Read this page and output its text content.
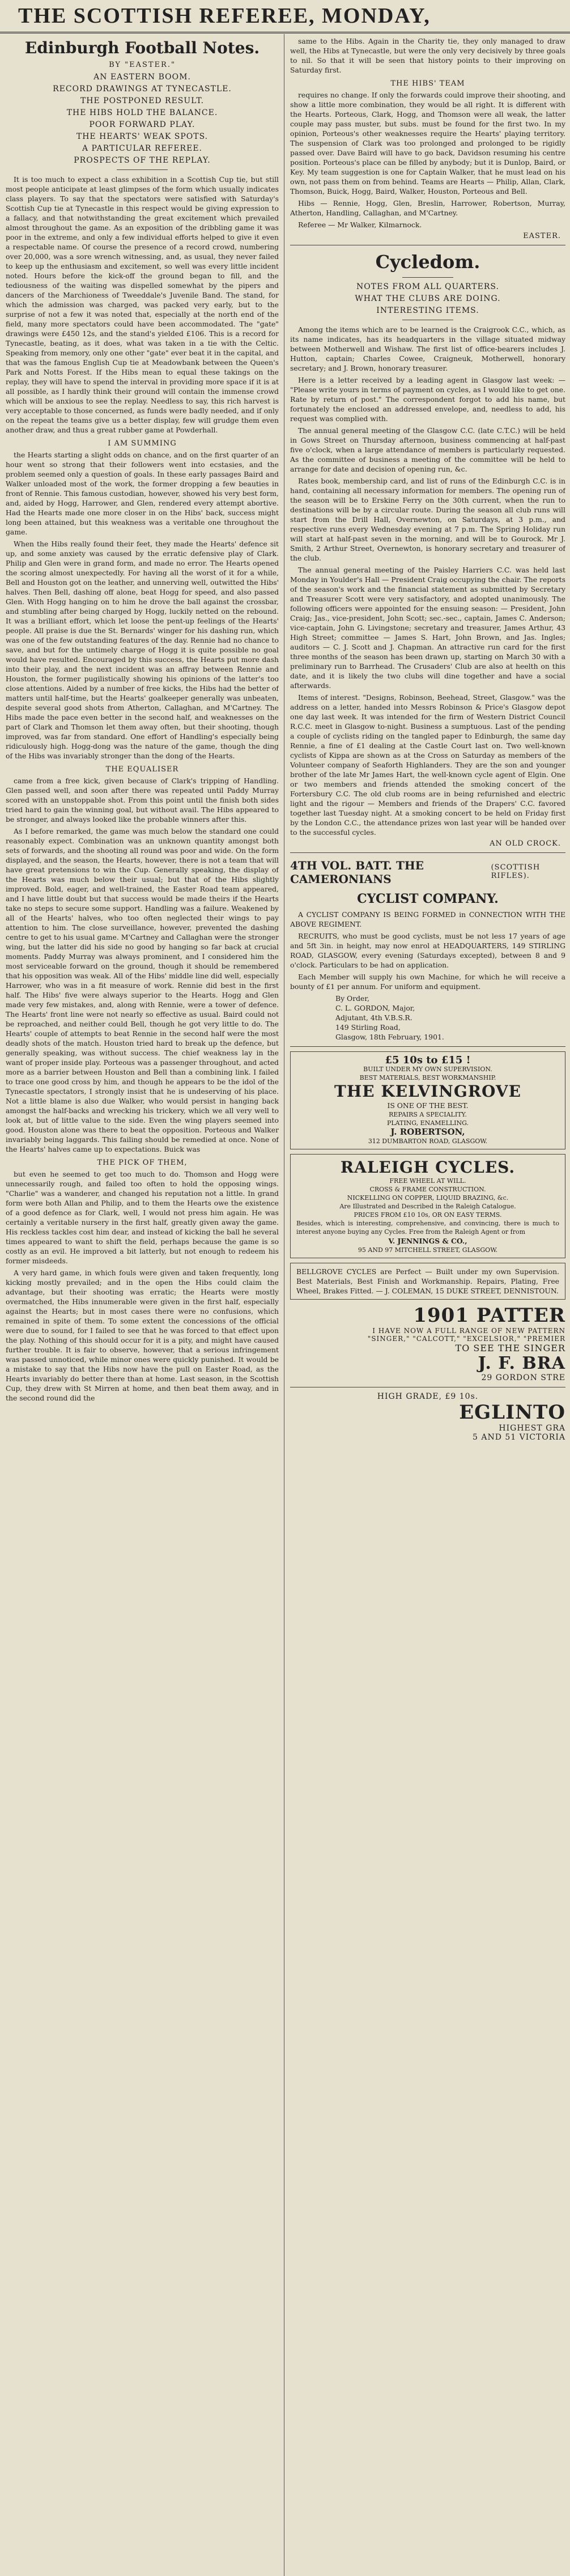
THE SCOTTISH REFEREE, MONDAY,
Edinburgh Football Notes.
BY "EASTER."
AN EASTERN BOOM.
RECORD DRAWINGS AT TYNECASTLE.
THE POSTPONED RESULT.
THE HIBS HOLD THE BALANCE.
POOR FORWARD PLAY.
THE HEARTS' WEAK SPOTS.
A PARTICULAR REFEREE.
PROSPECTS OF THE REPLAY.

It is too much to expect a class exhibition in a Scottish Cup tie, but still most people anticipate at least glimpses of the form which usually indicates class players. To say that the spectators were satisfied with Saturday's Scottish Cup tie at Tynecastle in this respect would be giving expression to a fallacy, and that notwithstanding the great excitement which prevailed almost throughout the game. As an exposition of the dribbling game it was poor in the extreme, and only a few individual efforts helped to give it even a respectable name. Of course the presence of a record crowd, numbering over 20,000, was a sore wrench witnessing, and, as usual, they never failed to keep up the enthusiasm and excitement, so well was every little incident noted. Hours before the kick-off the ground began to fill, and the tediousness of the waiting was dispelled somewhat by the pipers and dancers of the Marchioness of Tweeddale's Juvenile Band. The stand, for which the admission was charged, was packed very early, but to the surprise of not a few it was noted that, especially at the north end of the field, many more spectators could have been accommodated. The "gate" drawings were £450 12s, and the stand's yielded £106. This is a record for Tynecastle, beating, as it does, what was taken in a tie with the Celtic. Speaking from memory, only one other "gate" ever beat it in the capital, and that was the famous English Cup tie at Meadowbank between the Queen's Park and Notts Forest. If the Hibs mean to equal these takings on the replay, they will have to spend the interval in providing more space if it is at all possible, as I hardly think their ground will contain the immense crowd which will be anxious to see the replay. Needless to say, this rich harvest is very acceptable to those concerned, as funds were badly needed, and if only on the repeat the teams give us a better display, few will grudge them even another draw, and thus a great rubber game at Powderhall.

I AM SUMMING

the Hearts starting a slight odds on chance, and on the first quarter of an hour went so strong that their followers went into ecstasies, and the problem seemed only a question of goals. In these early passages Baird and Walker unloaded most of the work, the former dropping a few beauties in front of Rennie. This famous custodian, however, showed his very best form, and, aided by Hogg, Harrower, and Glen, rendered every attempt abortive. Had the Hearts made one more closer in on the Hibs' back, success might long been attained, but this weakness was a veritable one throughout the game.

When the Hibs really found their feet, they made the Hearts' defence sit up, and some anxiety was caused by the erratic defensive play of Clark. Philip and Glen were in grand form, and made no error. The Hearts opened the scoring almost unexpectedly. For having all the worst of it for a while, Bell and Houston got on the leather, and unnerving well, outwitted the Hibs' halves. Then Bell, dashing off alone, beat Hogg for speed, and also passed Glen. With Hogg hanging on to him he drove the ball against the crossbar, and stumbling after being charged by Hogg, luckily netted on the rebound. It was a brilliant effort, which let loose the pent-up feelings of the Hearts' people. All praise is due the St. Bernards' winger for his dashing run, which was one of the few outstanding features of the day. Rennie had no chance to save, and but for the untimely charge of Hogg it is quite possible no goal would have resulted. Encouraged by this success, the Hearts put more dash into their play, and the next incident was an affray between Rennie and Houston, the former pugilistically showing his opinions of the latter's too close attentions. Aided by a number of free kicks, the Hibs had the better of matters until half-time, but the Hearts' goalkeeper generally was unbeaten, despite several good shots from Atherton, Callaghan, and M'Cartney. The Hibs made the pace even better in the second half, and weaknesses on the part of Clark and Thomson let them away often, but their shooting, though improved, was far from standard. One effort of Handling's especially being ridiculously high. Hogg-dong was the nature of the game, though the ding of the Hibs was invariably stronger than the dong of the Hearts.

THE EQUALISER

came from a free kick, given because of Clark's tripping of Handling. Glen passed well, and soon after there was repeated until Paddy Murray scored with an unstoppable shot. From this point until the finish both sides tried hard to gain the winning goal, but without avail. The Hibs appeared to be stronger, and always looked like the probable winners after this.

As I before remarked, the game was much below the standard one could reasonably expect. Combination was an unknown quantity amongst both sets of forwards, and the shooting all round was poor and wide. On the form displayed, and the season, the Hearts, however, there is not a team that will have great pretensions to win the Cup. Generally speaking, the display of the Hearts was much below their usual; but that of the Hibs slightly improved. Bold, eager, and well-trained, the Easter Road team appeared, and I have little doubt but that success would be made theirs if the Hearts take no steps to secure some support. Handling was a failure. Weakened by all of the Hearts' halves, who too often neglected their wings to pay attention to him. The close surveillance, however, prevented the dashing centre to get to his usual game. M'Cartney and Callaghan were the stronger wing, but the latter did his side no good by hanging so far back at crucial moments. Paddy Murray was always prominent, and I considered him the most serviceable forward on the ground, though it should be remembered that his opposition was weak. All of the Hibs' middle line did well, especially Harrower, who was in a fit measure of work. Rennie did best in the first half. The Hibs' five were always superior to the Hearts. Hogg and Glen made very few mistakes, and, along with Rennie, were a tower of defence. The Hearts' front line were not nearly so effective as usual. Baird could not be reproached, and neither could Bell, though he got very little to do. The Hearts' couple of attempts to beat Rennie in the second half were the most deadly shots of the match. Houston tried hard to break up the defence, but generally speaking, was without success. The chief weakness lay in the want of proper inside play. Porteous was a passenger throughout, and acted more as a barrier between Houston and Bell than a combining link. I failed to trace one good cross by him, and though he appears to be the idol of the Tynecastle spectators, I strongly insist that he is undeserving of his place. Not a little blame is also due Walker, who would persist in hanging back amongst the half-backs and wrecking his trickery, which we all very well to look at, but of little value to the side. Even the wing players seemed into good. Houston alone was there to beat the opposition. Porteous and Walker invariably being laggards. This failing should be remedied at once. None of the Hearts' halves came up to expectations. Buick was

THE PICK OF THEM,

but even he seemed to get too much to do. Thomson and Hogg were unnecessarily rough, and failed too often to hold the opposing wings. "Charlie" was a wanderer, and changed his reputation not a little. In grand form were both Allan and Philip, and to them the Hearts owe the existence of a good defence as for Clark, well, I would not press him again. He was certainly a veritable nursery in the first half, greatly given away the game. His reckless tackles cost him dear, and instead of kicking the ball he several times appeared to want to shift the field, perhaps because the game is so costly as an evil. He improved a bit latterly, but not enough to redeem his former misdeeds.

A very hard game, in which fouls were given and taken frequently, long kicking mostly prevailed; and in the open the Hibs could claim the advantage, but their shooting was erratic; the Hearts were mostly overmatched, the Hibs innumerable were given in the first half, especially against the Hearts; but in most cases there were no confusions, which remained in spite of them. To some extent the concessions of the official were due to sound, for I failed to see that he was forced to that effect upon the play. Nothing of this should occur for it is a pity, and might have caused further trouble. It is fair to observe, however, that a serious infringement was passed unnoticed, while minor ones were quickly punished. It would be a mistake to say that the Hibs now have the pull on Easter Road, as the Hearts invariably do better there than at home. Last season, in the Scottish Cup, they drew with St Mirren at home, and then beat them away, and in the second round did the

same to the Hibs. Again in the Charity tie, they only managed to draw well, the Hibs at Tynecastle, but were the only very decisively by three goals to nil. So that it will be seen that history points to their improving on Saturday first.

THE HIBS' TEAM

requires no change. If only the forwards could improve their shooting, and show a little more combination, they would be all right. It is different with the Hearts. Porteous, Clark, Hogg, and Thomson were all weak, the latter couple may pass muster, but subs. must be found for the first two. In my opinion, Porteous's other weaknesses require the Hearts' playing territory. The suspension of Clark was too prolonged and prolonged to be rigidly passed over. Dave Baird will have to go back, Davidson resuming his centre position. Porteous's place can be filled by anybody; but it is Dunlop, Baird, or Key. My team suggestion is one for Captain Walker, that he must lead on his own, not pass them on from behind. Teams are Hearts — Philip, Allan, Clark, Thomson, Buick, Hogg, Baird, Walker, Houston, Porteous and Bell.

Hibs — Rennie, Hogg, Glen, Breslin, Harrower, Robertson, Murray, Atherton, Handling, Callaghan, and M'Cartney.

Referee — Mr Walker, Kilmarnock.

EASTER.
Cycledom.
NOTES FROM ALL QUARTERS.
WHAT THE CLUBS ARE DOING.
INTERESTING ITEMS.

Among the items which are to be learned is the Craigrook C.C., which, as its name indicates, has its headquarters in the village situated midway between Motherwell and Wishaw. The first list of office-bearers includes J. Hutton, captain; Charles Cowee, Craigneuk, Motherwell, honorary secretary; and J. Brown, honorary treasurer.

Here is a letter received by a leading agent in Glasgow last week: — "Please write yours in terms of payment on cycles, as I would like to get one. Rate by return of post." The correspondent forgot to add his name, but fortunately the enclosed an addressed envelope, and, needless to add, his request was complied with.

The annual general meeting of the Glasgow C.C. (late C.T.C.) will be held in Gows Street on Thursday afternoon, business commencing at half-past five o'clock, when a large attendance of members is particularly requested. As the committee of business a meeting of the committee will be held to arrange for date and decision of opening run, &c.

Rates book, membership card, and list of runs of the Edinburgh C.C. is in hand, containing all necessary information for members. The opening run of the season will be to Erskine Ferry on the 30th current, when the run to destinations will be by a circular route. During the season all club runs will start from the Drill Hall, Overnewton, on Saturdays, at 3 p.m., and respective runs every Wednesday evening at 7 p.m. The Spring Holiday run will start at half-past seven in the morning, and will be to Gourock. Mr J. Smith, 2 Arthur Street, Overnewton, is honorary secretary and treasurer of the club.

The annual general meeting of the Paisley Harriers C.C. was held last Monday in Youlder's Hall — President Craig occupying the chair. The reports of the season's work and the financial statement as submitted by Secretary and Treasurer Scott were very satisfactory, and adopted unanimously. The following officers were appointed for the ensuing season: — President, John Craig; Jas., vice-president, John Scott; sec.-sec., captain, James C. Anderson; vice-captain, John G. Livingstone; secretary and treasurer, James Arthur, 43 High Street; committee — James S. Hart, John Brown, and Jas. Ingles; auditors — C. J. Scott and J. Chapman. An attractive run card for the first three months of the season has been drawn up, starting on March 30 with a preliminary run to Barrhead. The Crusaders' Club are also at heelth on this date, and it is likely the two clubs will dine together and have a social afterwards.

Items of interest. "Designs, Robinson, Beehead, Street, Glasgow." was the address on a letter, handed into Messrs Robinson & Price's Glasgow depot one day last week. It was intended for the firm of Western District Council R.C.C. meet in Glasgow to-night. Business a sumptuous. Last of the pending a couple of cyclists riding on the tangled paper to Edinburgh, the same day Rennie, a fine of £1 dealing at the Castle Court last on. Two well-known cyclists of Kippa are shown as at the Cross on Saturday as members of the Volunteer company of Seaforth Highlanders. They are the son and younger brother of the late Mr James Hart, the well-known cycle agent of Elgin. One or two members and friends attended the smoking concert of the Fortersbury C.C. The old club rooms are in being refurnished and electric light and the rigour — Members and friends of the Drapers' C.C. favored together last Tuesday night. At a smoking concert to be held on Friday first by the London C.C., the attendance prizes won last year will be handed over to the successful cycles.

AN OLD CROCK.
4TH VOL. BATT. THE CAMERONIANS
(SCOTTISH RIFLES).
CYCLIST COMPANY.

A CYCLIST COMPANY IS BEING FORMED in CONNECTION WITH THE ABOVE REGIMENT.

RECRUITS, who must be good cyclists, must be not less 17 years of age and 5ft 3in. in height, may now enrol at HEADQUARTERS, 149 STIRLING ROAD, GLASGOW, every evening (Saturdays excepted), between 8 and 9 o'clock. Particulars to be had on application.

Each Member will supply his own Machine, for which he will receive a bounty of £1 per annum. For uniform and equipment.

By Order,
C. L. GORDON, Major,
Adjutant, 4th V.B.S.R.
149 Stirling Road,
Glasgow, 18th February, 1901.
£5 10s to £15 !
BUILT UNDER MY OWN SUPERVISION.
BEST MATERIALS, BEST WORKMANSHIP.
THE KELVINGROVE
IS ONE OF THE BEST.
REPAIRS A SPECIALITY.
PLATING, ENAMELLING.
J. ROBERTSON,
312 DUMBARTON ROAD, GLASGOW.
RALEIGH CYCLES.
FREE WHEEL AT WILL.
CROSS & FRAME CONSTRUCTION.
NICKELLING ON COPPER, LIQUID BRAZING, &c.
Are Illustrated and Described in the Raleigh Catalogue.
PRICES FROM £10 10s, OR ON EASY TERMS.
Besides, which is interesting, comprehensive, and convincing, there is much to interest anyone buying any Cycles. Free from the Raleigh Agent or from
V. JENNINGS & CO.,
95 AND 97 MITCHELL STREET, GLASGOW.
BELLGROVE CYCLES are Perfect — Built under my own Supervision. Best Materials, Best Finish and Workmanship. Repairs, Plating, Free Wheel, Brakes Fitted. — J. COLEMAN, 15 DUKE STREET, DENNISTOUN.
1901 PATTER
I HAVE NOW A FULL RANGE OF NEW PATTERN
"SINGER," "CALCOTT," "EXCELSIOR," "PREMIER
TO SEE THE SINGER
J. F. BRA
29 GORDON STRE
HIGH GRADE, £9 10s.
EGLINTO
HIGHEST GRA
5 AND 51 VICTORIA
